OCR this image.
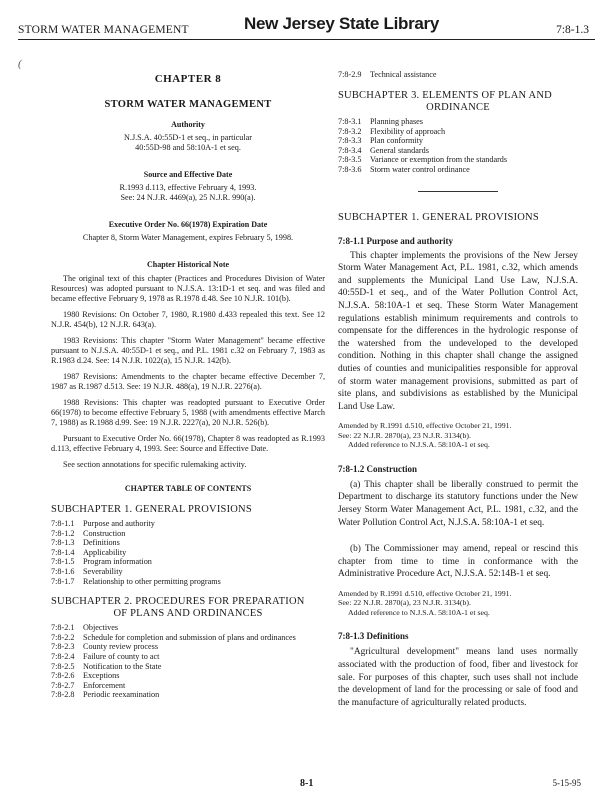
STORM WATER MANAGEMENT	New Jersey State Library	7:8-1.3
(
CHAPTER 8
STORM WATER MANAGEMENT
Authority
N.J.S.A. 40:55D-1 et seq., in particular
40:55D-98 and 58:10A-1 et seq.
Source and Effective Date
R.1993 d.113, effective February 4, 1993.
See: 24 N.J.R. 4469(a), 25 N.J.R. 990(a).
Executive Order No. 66(1978) Expiration Date
Chapter 8, Storm Water Management, expires February 5, 1998.
Chapter Historical Note

The original text of this chapter (Practices and Procedures Division of Water Resources) was adopted pursuant to N.J.S.A. 13:1D-1 et seq. and was filed and became effective February 9, 1978 as R.1978 d.48. See 10 N.J.R. 101(b).

1980 Revisions: On October 7, 1980, R.1980 d.433 repealed this text. See 12 N.J.R. 454(b), 12 N.J.R. 643(a).

1983 Revisions: This chapter "Storm Water Management" became effective pursuant to N.J.S.A. 40:55D-1 et seq., and P.L. 1981 c.32 on February 7, 1983 as R.1983 d.24. See: 14 N.J.R. 1022(a), 15 N.J.R. 142(b).

1987 Revisions: Amendments to the chapter became effective December 7, 1987 as R.1987 d.513. See: 19 N.J.R. 488(a), 19 N.J.R. 2276(a).

1988 Revisions: This chapter was readopted pursuant to Executive Order 66(1978) to become effective February 5, 1988 (with amendments effective March 7, 1988) as R.1988 d.99. See: 19 N.J.R. 2227(a), 20 N.J.R. 526(b).

Pursuant to Executive Order No. 66(1978), Chapter 8 was readopted as R.1993 d.113, effective February 4, 1993. See: Source and Effective Date.

See section annotations for specific rulemaking activity.

CHAPTER TABLE OF CONTENTS
SUBCHAPTER 1. GENERAL PROVISIONS
7:8-1.1	Purpose and authority
7:8-1.2	Construction
7:8-1.3	Definitions
7:8-1.4	Applicability
7:8-1.5	Program information
7:8-1.6	Severability
7:8-1.7	Relationship to other permitting programs
SUBCHAPTER 2. PROCEDURES FOR PREPARATION
OF PLANS AND ORDINANCES
7:8-2.1	Objectives
7:8-2.2	Schedule for completion and submission of plans and ordinances
7:8-2.3	County review process
7:8-2.4	Failure of county to act
7:8-2.5	Notification to the State
7:8-2.6	Exceptions
7:8-2.7	Enforcement
7:8-2.8	Periodic reexamination
7:8-2.9	Technical assistance
SUBCHAPTER 3. ELEMENTS OF PLAN AND
ORDINANCE
7:8-3.1	Planning phases
7:8-3.2	Flexibility of approach
7:8-3.3	Plan conformity
7:8-3.4	General standards
7:8-3.5	Variance or exemption from the standards
7:8-3.6	Storm water control ordinance
SUBCHAPTER 1. GENERAL PROVISIONS
7:8-1.1 Purpose and authority

This chapter implements the provisions of the New Jersey Storm Water Management Act, P.L. 1981, c.32, which amends and supplements the Municipal Land Use Law, N.J.S.A. 40:55D-1 et seq., and of the Water Pollution Control Act, N.J.S.A. 58:10A-1 et seq. These Storm Water Management regulations establish minimum requirements and controls to compensate for the differences in the hydrologic response of the watershed from the undeveloped to the developed condition. Nothing in this chapter shall change the assigned duties of counties and municipalities responsible for approval of storm water management provisions, submitted as part of site plans, and subdivisions as established by the Municipal Land Use Law.

Amended by R.1991 d.510, effective October 21, 1991.
See: 22 N.J.R. 2870(a), 23 N.J.R. 3134(b).
Added reference to N.J.S.A. 58:10A-1 et seq.
7:8-1.2 Construction

(a) This chapter shall be liberally construed to permit the Department to discharge its statutory functions under the New Jersey Storm Water Management Act, P.L. 1981, c.32, and the Water Pollution Control Act, N.J.S.A. 58:10A-1 et seq.

(b) The Commissioner may amend, repeal or rescind this chapter from time to time in conformance with the Administrative Procedure Act, N.J.S.A. 52:14B-1 et seq.

Amended by R.1991 d.510, effective October 21, 1991.
See: 22 N.J.R. 2870(a), 23 N.J.R. 3134(b).
Added reference to N.J.S.A. 58:10A-1 et seq.
7:8-1.3 Definitions

"Agricultural development" means land uses normally associated with the production of food, fiber and livestock for sale. For purposes of this chapter, such uses shall not include the development of land for the processing or sale of food and the manufacture of agriculturally related products.

8-1	5-15-95
